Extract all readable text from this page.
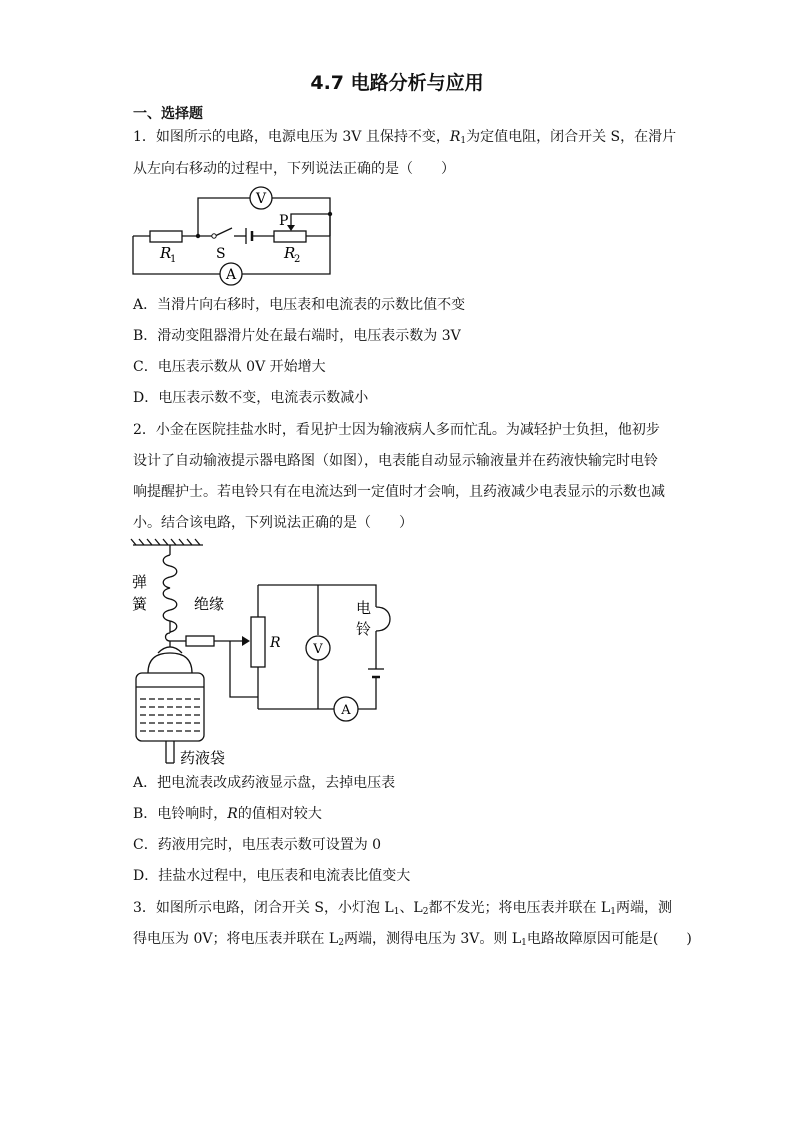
4.7 电路分析与应用
一、选择题
1．如图所示的电路，电源电压为 3V 且保持不变，$R_1$为定值电阻，闭合开关 S，在滑片
从左向右移动的过程中，下列说法正确的是（　　）
V
A
P
S
R
1	R
2
A．当滑片向右移时，电压表和电流表的示数比值不变
B．滑动变阻器滑片处在最右端时，电压表示数为 3V
C．电压表示数从 0V 开始增大
D．电压表示数不变，电流表示数减小
2．小金在医院挂盐水时，看见护士因为输液病人多而忙乱。为减轻护士负担，他初步
设计了自动输液提示器电路图（如图），电表能自动显示输液量并在药液快输完时电铃
响提醒护士。若电铃只有在电流达到一定值时才会响，且药液减少电表显示的示数也减
小。结合该电路，下列说法正确的是（　　）
弹
簧	绝缘
R	V
A
电
铃
药液袋
A．把电流表改成药液显示盘，去掉电压表
B．电铃响时，R的值相对较大
C．药液用完时，电压表示数可设置为 0
D．挂盐水过程中，电压表和电流表比值变大
3．如图所示电路，闭合开关 S，小灯泡 $L_1$、$L_2$都不发光；将电压表并联在 $L_1$两端，测
得电压为 0V；将电压表并联在 $L_2$两端，测得电压为 3V。则 $L_1$电路故障原因可能是(　　)
